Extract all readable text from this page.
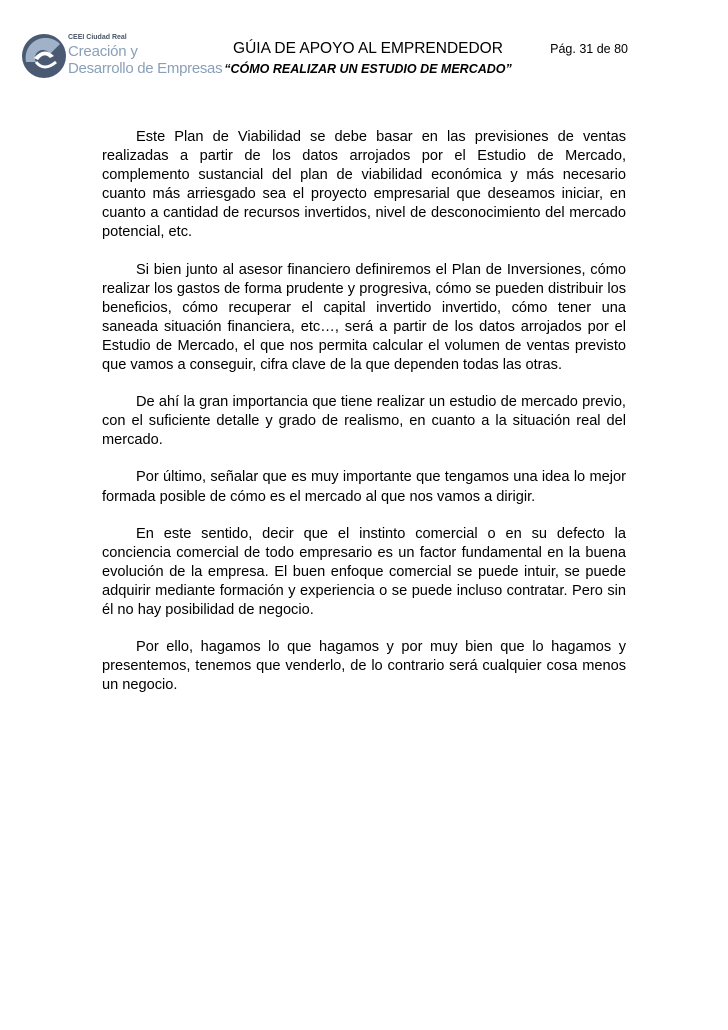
CEEI Ciudad Real
Creación y
Desarrollo de Empresas
GÚIA DE APOYO AL EMPRENDEDOR
“CÓMO REALIZAR UN ESTUDIO DE MERCADO”
Pág. 31 de 80

Este Plan de Viabilidad se debe basar en las previsiones de ventas realizadas a partir de los datos arrojados por el Estudio de Mercado, complemento sustancial del plan de viabilidad económica y más necesario cuanto más arriesgado sea el proyecto empresarial que deseamos iniciar, en cuanto a cantidad de recursos invertidos, nivel de desconocimiento del mercado potencial, etc.

Si bien junto al asesor financiero definiremos el Plan de Inversiones, cómo realizar los gastos de forma prudente y progresiva, cómo se pueden distribuir los beneficios, cómo recuperar el capital invertido invertido, cómo tener una saneada situación financiera, etc…, será a partir de los datos arrojados por el Estudio de Mercado, el que nos permita calcular el volumen de ventas previsto que vamos a conseguir, cifra clave de la que dependen todas las otras.

De ahí la gran importancia que tiene realizar un estudio de mercado previo, con el suficiente detalle y grado de realismo, en cuanto a la situación real del mercado.

Por último, señalar que es muy importante que tengamos una idea lo mejor formada posible de cómo es el mercado al que nos vamos a dirigir.

En este sentido, decir que el instinto comercial o en su defecto la conciencia comercial de todo empresario es un factor fundamental en la buena evolución de la empresa. El buen enfoque comercial se puede intuir, se puede adquirir mediante formación y experiencia o se puede incluso contratar. Pero sin él no hay posibilidad de negocio.

Por ello, hagamos lo que hagamos y por muy bien que lo hagamos y presentemos, tenemos que venderlo, de lo contrario será cualquier cosa menos un negocio.
